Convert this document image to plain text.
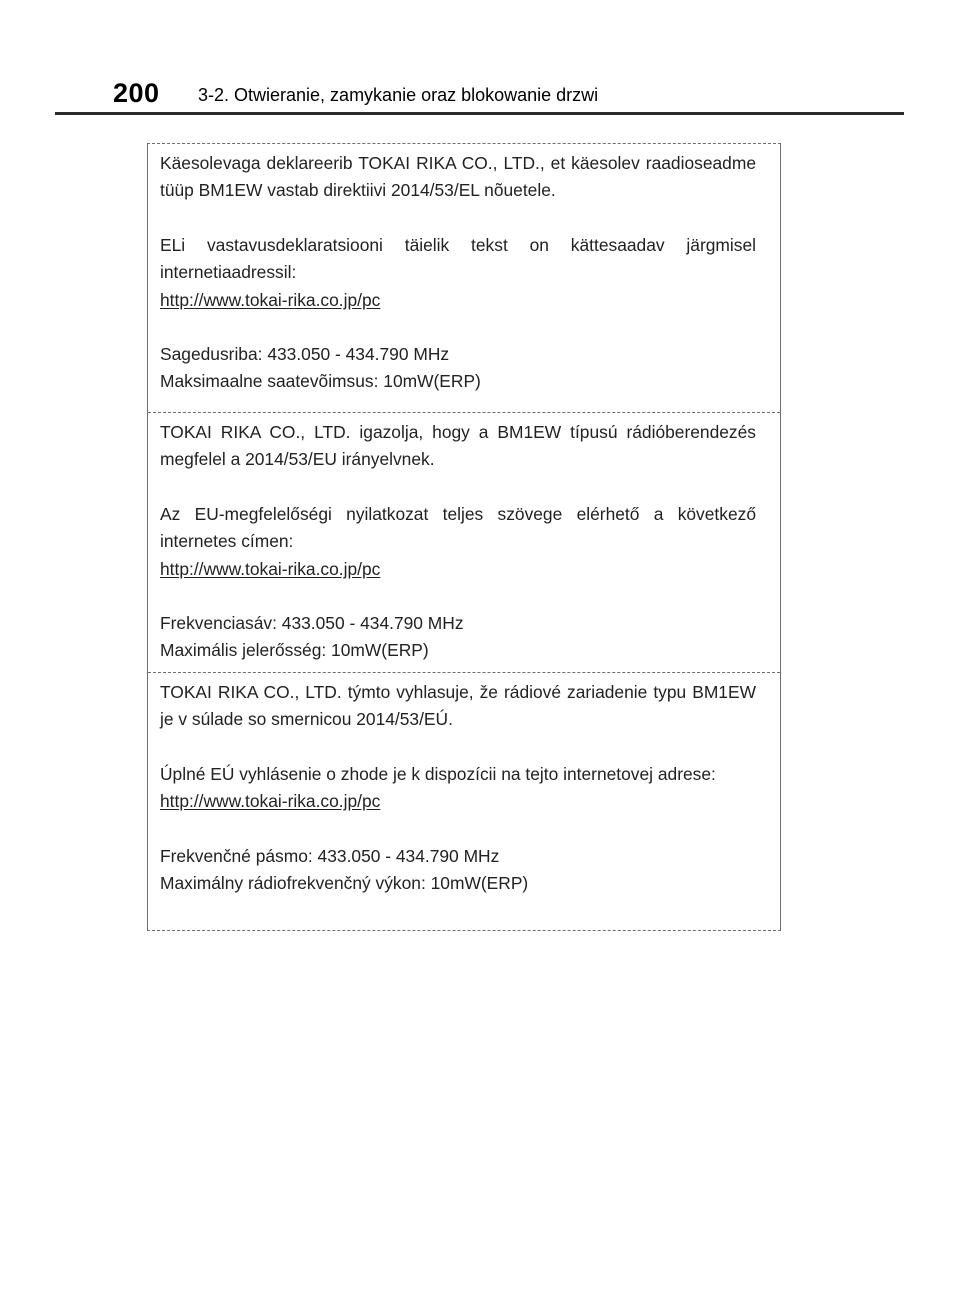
200 3-2. Otwieranie, zamykanie oraz blokowanie drzwi

Käesolevaga deklareerib TOKAI RIKA CO., LTD., et käesolev raadioseadme tüüp BM1EW vastab direktiivi 2014/53/EL nõuetele.

ELi vastavusdeklaratsiooni täielik tekst on kättesaadav järgmisel internetiaadressil:

http://www.tokai-rika.co.jp/pc

Sagedusriba: 433.050 - 434.790 MHz

Maksimaalne saatevõimsus: 10mW(ERP)

TOKAI RIKA CO., LTD. igazolja, hogy a BM1EW típusú rádióberendezés megfelel a 2014/53/EU irányelvnek.

Az EU-megfelelőségi nyilatkozat teljes szövege elérhető a következő internetes címen:

http://www.tokai-rika.co.jp/pc

Frekvenciasáv: 433.050 - 434.790 MHz

Maximális jelerősség: 10mW(ERP)

TOKAI RIKA CO., LTD. týmto vyhlasuje, že rádiové zariadenie typu BM1EW je v súlade so smernicou 2014/53/EÚ.

Úplné EÚ vyhlásenie o zhode je k dispozícii na tejto internetovej adrese:

http://www.tokai-rika.co.jp/pc

Frekvenčné pásmo: 433.050 - 434.790 MHz

Maximálny rádiofrekvenčný výkon: 10mW(ERP)
